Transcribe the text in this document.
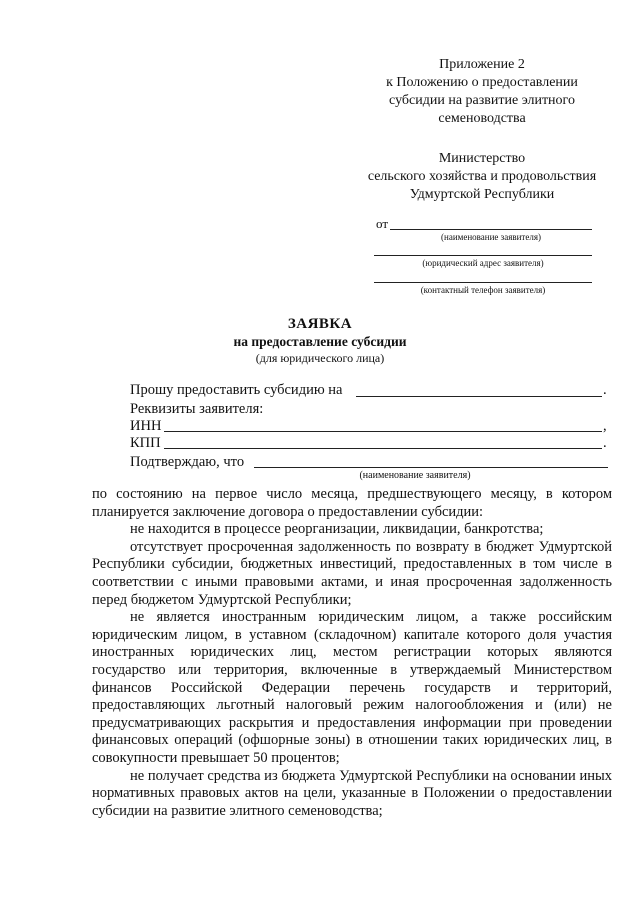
Приложение 2
к Положению о предоставлении
субсидии на развитие элитного
семеноводства
Министерство
сельского хозяйства и продовольствия
Удмуртской Республики
от
(наименование заявителя)
(юридический адрес заявителя)
(контактный телефон заявителя)
ЗАЯВКА
на предоставление субсидии
(для юридического лица)
Прошу предоставить субсидию на	.
Реквизиты заявителя:
ИНН	,
КПП	.
Подтверждаю, что
(наименование заявителя)

по состоянию на первое число месяца, предшествующего месяцу, в котором планируется заключение договора о предоставлении субсидии:

не находится в процессе реорганизации, ликвидации, банкротства;

отсутствует просроченная задолженность по возврату в бюджет Удмуртской Республики субсидии, бюджетных инвестиций, предоставленных в том числе в соответствии с иными правовыми актами, и иная просроченная задолженность перед бюджетом Удмуртской Республики;

не является иностранным юридическим лицом, а также российским юридическим лицом, в уставном (складочном) капитале которого доля участия иностранных юридических лиц, местом регистрации которых являются государство или территория, включенные в утверждаемый Министерством финансов Российской Федерации перечень государств и территорий, предоставляющих льготный налоговый режим налогообложения и (или) не предусматривающих раскрытия и предоставления информации при проведении финансовых операций (офшорные зоны) в отношении таких юридических лиц, в совокупности превышает 50 процентов;

не получает средства из бюджета Удмуртской Республики на основании иных нормативных правовых актов на цели, указанные в Положении о предоставлении субсидии на развитие элитного семеноводства;
